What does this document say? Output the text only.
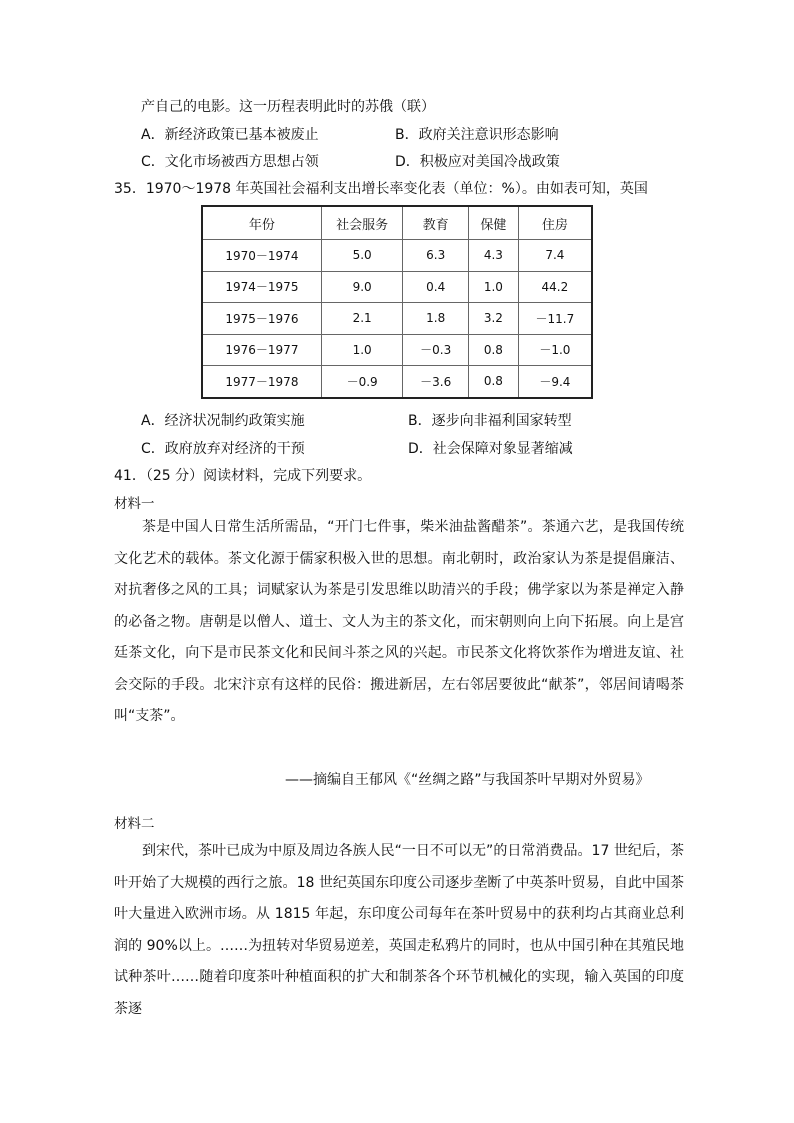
产自己的电影。这一历程表明此时的苏俄（联）
A．新经济政策已基本被废止	B．政府关注意识形态影响
C．文化市场被西方思想占领	D．积极应对美国冷战政策
35．1970～1978 年英国社会福利支出增长率变化表（单位：%）。由如表可知，英国
年份	社会服务	教育	保健	住房
1970－1974	5.0	6.3	4.3	7.4
1974－1975	9.0	0.4	1.0	44.2
1975－1976	2.1	1.8	3.2	－11.7
1976－1977	1.0	－0.3	0.8	－1.0
1977－1978	－0.9	－3.6	0.8	－9.4
A．经济状况制约政策实施	B．逐步向非福利国家转型
C．政府放弃对经济的干预	D．社会保障对象显著缩减
41．（25 分）阅读材料，完成下列要求。
材料一
茶是中国人日常生活所需品，“开门七件事，柴米油盐酱醋茶”。茶通六艺，是我国传统文化艺术的载体。茶文化源于儒家积极入世的思想。南北朝时，政治家认为茶是提倡廉洁、对抗奢侈之风的工具；词赋家认为茶是引发思维以助清兴的手段；佛学家以为茶是禅定入静的必备之物。唐朝是以僧人、道士、文人为主的茶文化，而宋朝则向上向下拓展。向上是宫廷茶文化，向下是市民茶文化和民间斗茶之风的兴起。市民茶文化将饮茶作为增进友谊、社会交际的手段。北宋汴京有这样的民俗：搬进新居，左右邻居要彼此“献茶”，邻居间请喝茶叫“支茶”。
——摘编自王郁风《“丝绸之路”与我国茶叶早期对外贸易》
材料二
到宋代，茶叶已成为中原及周边各族人民“一日不可以无”的日常消费品。17 世纪后，茶叶开始了大规模的西行之旅。18 世纪英国东印度公司逐步垄断了中英茶叶贸易，自此中国茶叶大量进入欧洲市场。从 1815 年起，东印度公司每年在茶叶贸易中的获利均占其商业总利润的 90%以上。……为扭转对华贸易逆差，英国走私鸦片的同时，也从中国引种在其殖民地试种茶叶……随着印度茶叶种植面积的扩大和制茶各个环节机械化的实现，输入英国的印度茶逐
